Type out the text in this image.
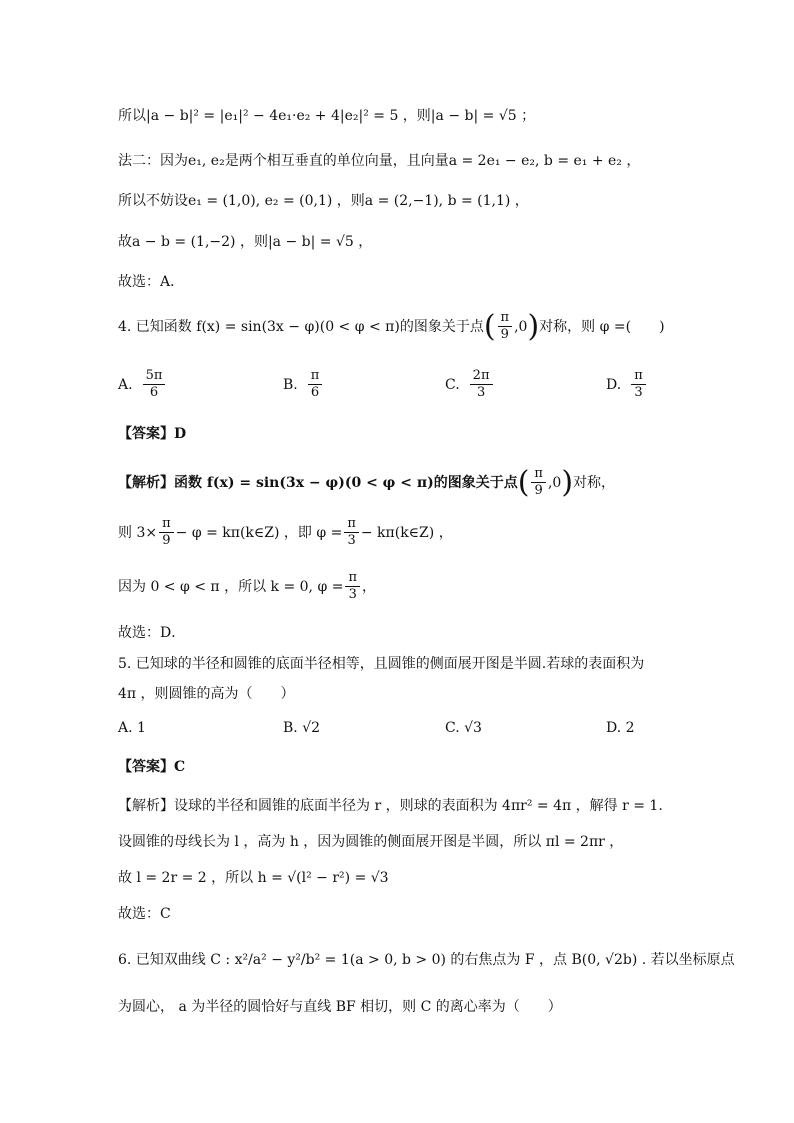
所以|a − b|² = |e₁|² − 4e₁·e₂ + 4|e₂|² = 5 ，则|a − b| = √5 ；
法二：因为e₁, e₂是两个相互垂直的单位向量，且向量a = 2e₁ − e₂, b = e₁ + e₂ ，
所以不妨设e₁ = (1,0), e₂ = (0,1) ，则a = (2,−1), b = (1,1) ，
故a − b = (1,−2) ，则|a − b| = √5 ，
故选：A．
4. 已知函数 f(x) = sin(3x − φ)(0 < φ < π)的图象关于点 ( $\frac{\pi}{9} ,0$ ) 对称，则 φ =(　　)
A. $\frac{5\pi}{6}$	B. $\frac{\pi}{6}$	C. $\frac{2\pi}{3}$	D. $\frac{\pi}{3}$
【答案】D
【解析】函数 f(x) = sin(3x − φ)(0 < φ < π)的图象关于点 ( $\frac{\pi}{9} ,0$ ) 对称，
则 $3\times \frac{\pi}{9} - \varphi$ = kπ(k∈Z) ，即 $\varphi = \frac{\pi}{3}$ − kπ(k∈Z) ，
因为 0 < φ < π ，所以 k = 0, $\varphi = \frac{\pi}{3}$ ，
故选：D．
5. 已知球的半径和圆锥的底面半径相等，且圆锥的侧面展开图是半圆.若球的表面积为
4π ，则圆锥的高为（　　）
A. 1	B. √2	C. √3	D. 2
【答案】C
【解析】设球的半径和圆锥的底面半径为 r ，则球的表面积为 4πr² = 4π ，解得 r = 1.
设圆锥的母线长为 l ，高为 h ，因为圆锥的侧面展开图是半圆，所以 πl = 2πr ，
故 l = 2r = 2 ，所以 h = √(l² − r²) = √3
故选：C
6. 已知双曲线 C : x²/a² − y²/b² = 1(a > 0, b > 0) 的右焦点为 F ，点 B(0, √2b) . 若以坐标原点
为圆心， a 为半径的圆恰好与直线 BF 相切，则 C 的离心率为（　　）
